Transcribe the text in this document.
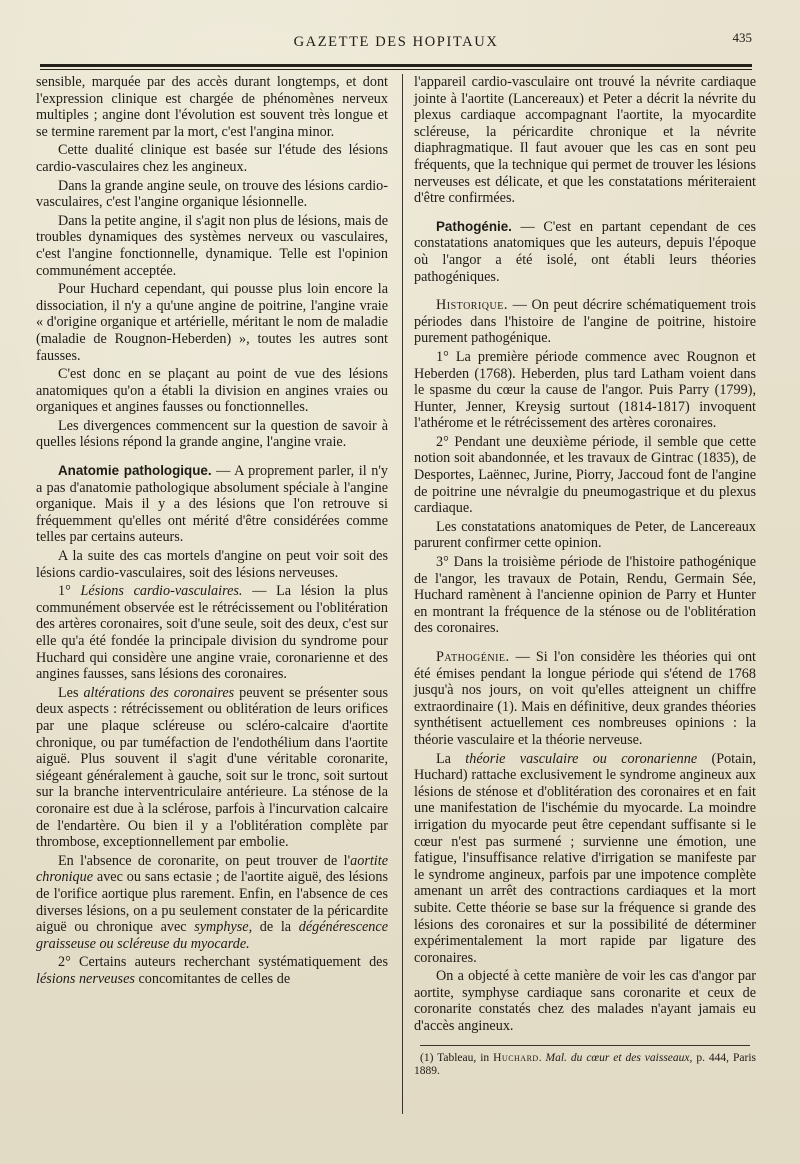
GAZETTE DES HOPITAUX	435

sensible, marquée par des accès durant longtemps, et dont l'expression clinique est chargée de phénomènes nerveux multiples ; angine dont l'évolution est souvent très longue et se termine rarement par la mort, c'est l'angina minor.

Cette dualité clinique est basée sur l'étude des lésions cardio-vasculaires chez les angineux.

Dans la grande angine seule, on trouve des lésions cardio-vasculaires, c'est l'angine organique lésionnelle.

Dans la petite angine, il s'agit non plus de lésions, mais de troubles dynamiques des systèmes nerveux ou vasculaires, c'est l'angine fonctionnelle, dynamique. Telle est l'opinion communément acceptée.

Pour Huchard cependant, qui pousse plus loin encore la dissociation, il n'y a qu'une angine de poitrine, l'angine vraie « d'origine organique et artérielle, méritant le nom de maladie (maladie de Rougnon-Heberden) », toutes les autres sont fausses.

C'est donc en se plaçant au point de vue des lésions anatomiques qu'on a établi la division en angines vraies ou organiques et angines fausses ou fonctionnelles.

Les divergences commencent sur la question de savoir à quelles lésions répond la grande angine, l'angine vraie.

Anatomie pathologique. — A proprement parler, il n'y a pas d'anatomie pathologique absolument spéciale à l'angine organique. Mais il y a des lésions que l'on retrouve si fréquemment qu'elles ont mérité d'être considérées comme telles par certains auteurs.

A la suite des cas mortels d'angine on peut voir soit des lésions cardio-vasculaires, soit des lésions nerveuses.

1° Lésions cardio-vasculaires. — La lésion la plus communément observée est le rétrécissement ou l'oblitération des artères coronaires, soit d'une seule, soit des deux, c'est sur elle qu'a été fondée la principale division du syndrome pour Huchard qui considère une angine vraie, coronarienne et des angines fausses, sans lésions des coronaires.

Les altérations des coronaires peuvent se présenter sous deux aspects : rétrécissement ou oblitération de leurs orifices par une plaque scléreuse ou scléro-calcaire d'aortite chronique, ou par tuméfaction de l'endothélium dans l'aortite aiguë. Plus souvent il s'agit d'une véritable coronarite, siégeant généralement à gauche, soit sur le tronc, soit surtout sur la branche interventriculaire antérieure. La sténose de la coronaire est due à la sclérose, parfois à l'incurvation calcaire de l'endartère. Ou bien il y a l'oblitération complète par thrombose, exceptionnellement par embolie.

En l'absence de coronarite, on peut trouver de l'aortite chronique avec ou sans ectasie ; de l'aortite aiguë, des lésions de l'orifice aortique plus rarement. Enfin, en l'absence de ces diverses lésions, on a pu seulement constater de la péricardite aiguë ou chronique avec symphyse, de la dégénérescence graisseuse ou scléreuse du myocarde.

2° Certains auteurs recherchant systématiquement des lésions nerveuses concomitantes de celles de

l'appareil cardio-vasculaire ont trouvé la névrite cardiaque jointe à l'aortite (Lancereaux) et Peter a décrit la névrite du plexus cardiaque accompagnant l'aortite, la myocardite scléreuse, la péricardite chronique et la névrite diaphragmatique. Il faut avouer que les cas en sont peu fréquents, que la technique qui permet de trouver les lésions nerveuses est délicate, et que les constatations mériteraient d'être confirmées.

Pathogénie. — C'est en partant cependant de ces constatations anatomiques que les auteurs, depuis l'époque où l'angor a été isolé, ont établi leurs théories pathogéniques.

Historique. — On peut décrire schématiquement trois périodes dans l'histoire de l'angine de poitrine, histoire purement pathogénique.

1° La première période commence avec Rougnon et Heberden (1768). Heberden, plus tard Latham voient dans le spasme du cœur la cause de l'angor. Puis Parry (1799), Hunter, Jenner, Kreysig surtout (1814-1817) invoquent l'athérome et le rétrécissement des artères coronaires.

2° Pendant une deuxième période, il semble que cette notion soit abandonnée, et les travaux de Gintrac (1835), de Desportes, Laënnec, Jurine, Piorry, Jaccoud font de l'angine de poitrine une névralgie du pneumogastrique et du plexus cardiaque.

Les constatations anatomiques de Peter, de Lancereaux parurent confirmer cette opinion.

3° Dans la troisième période de l'histoire pathogénique de l'angor, les travaux de Potain, Rendu, Germain Sée, Huchard ramènent à l'ancienne opinion de Parry et Hunter en montrant la fréquence de la sténose ou de l'oblitération des coronaires.

Pathogénie. — Si l'on considère les théories qui ont été émises pendant la longue période qui s'étend de 1768 jusqu'à nos jours, on voit qu'elles atteignent un chiffre extraordinaire (1). Mais en définitive, deux grandes théories synthétisent actuellement ces nombreuses opinions : la théorie vasculaire et la théorie nerveuse.

La théorie vasculaire ou coronarienne (Potain, Huchard) rattache exclusivement le syndrome angineux aux lésions de sténose et d'oblitération des coronaires et en fait une manifestation de l'ischémie du myocarde. La moindre irrigation du myocarde peut être cependant suffisante si le cœur n'est pas surmené ; survienne une émotion, une fatigue, l'insuffisance relative d'irrigation se manifeste par le syndrome angineux, parfois par une impotence complète amenant un arrêt des contractions cardiaques et la mort subite. Cette théorie se base sur la fréquence si grande des lésions des coronaires et sur la possibilité de déterminer expérimentalement la mort rapide par ligature des coronaires.

On a objecté à cette manière de voir les cas d'angor par aortite, symphyse cardiaque sans coronarite et ceux de coronarite constatés chez des malades n'ayant jamais eu d'accès angineux.

(1) Tableau, in Huchard. Mal. du cœur et des vaisseaux, p. 444, Paris 1889.
